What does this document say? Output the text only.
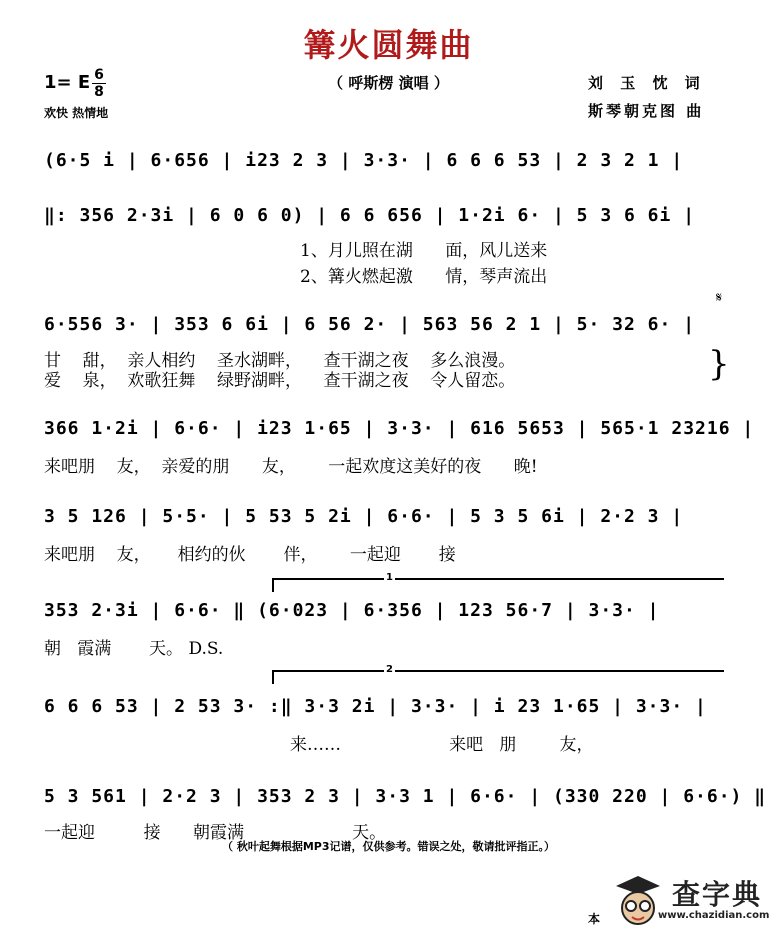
篝火圆舞曲
（ 呼斯楞 演唱 ）
1= E 6
8
欢快 热情地
刘 玉 忱 词
斯琴朝克图 曲
(6·5 i | 6·656 | i23 2 3 | 3·3· | 6 6 6 53 | 2 3 2 1 |
‖: 356 2·3i | 6 0 6 0) | 6 6 656 | 1·2i 6· | 5 3 6 6i |
1、月儿照在湖      面，风儿送来
2、篝火燃起激      情，琴声流出
6·556 3· | 353 6 6i | 6 56 2· | 563 56 2 1 | 5· 32 6· |
𝄋
甘    甜，  亲人相约    圣水湖畔，    查干湖之夜    多么浪漫。
爱    泉，  欢歌狂舞    绿野湖畔，    查干湖之夜    令人留恋。	}
366 1·2i | 6·6· | i23 1·65 | 3·3· | 616 5653 | 565·1 23216 |
来吧朋    友，  亲爱的朋      友，      一起欢度这美好的夜      晚!
3 5 126 | 5·5· | 5 53 5 2i | 6·6· | 5 3 5 6i | 2·2 3 |
来吧朋    友，     相约的伙       伴，      一起迎       接
1
353 2·3i | 6·6· ‖ (6·023 | 6·356 | 123 56·7 | 3·3· |
朝   霞满       天。 D.S.
2
6 6 6 53 | 2 53 3· :‖ 3·3 2i | 3·3· | i 23 1·65 | 3·3· |
来……                    来吧   朋        友，
5 3 561 | 2·2 3 | 353 2 3 | 3·3 1 | 6·6· | (330 220 | 6·6·) ‖
一起迎         接      朝霞满                    天。
（ 秋叶起舞根据MP3记谱，仅供参考。错误之处，敬请批评指正。）
本
查字典
www.chazidian.com
